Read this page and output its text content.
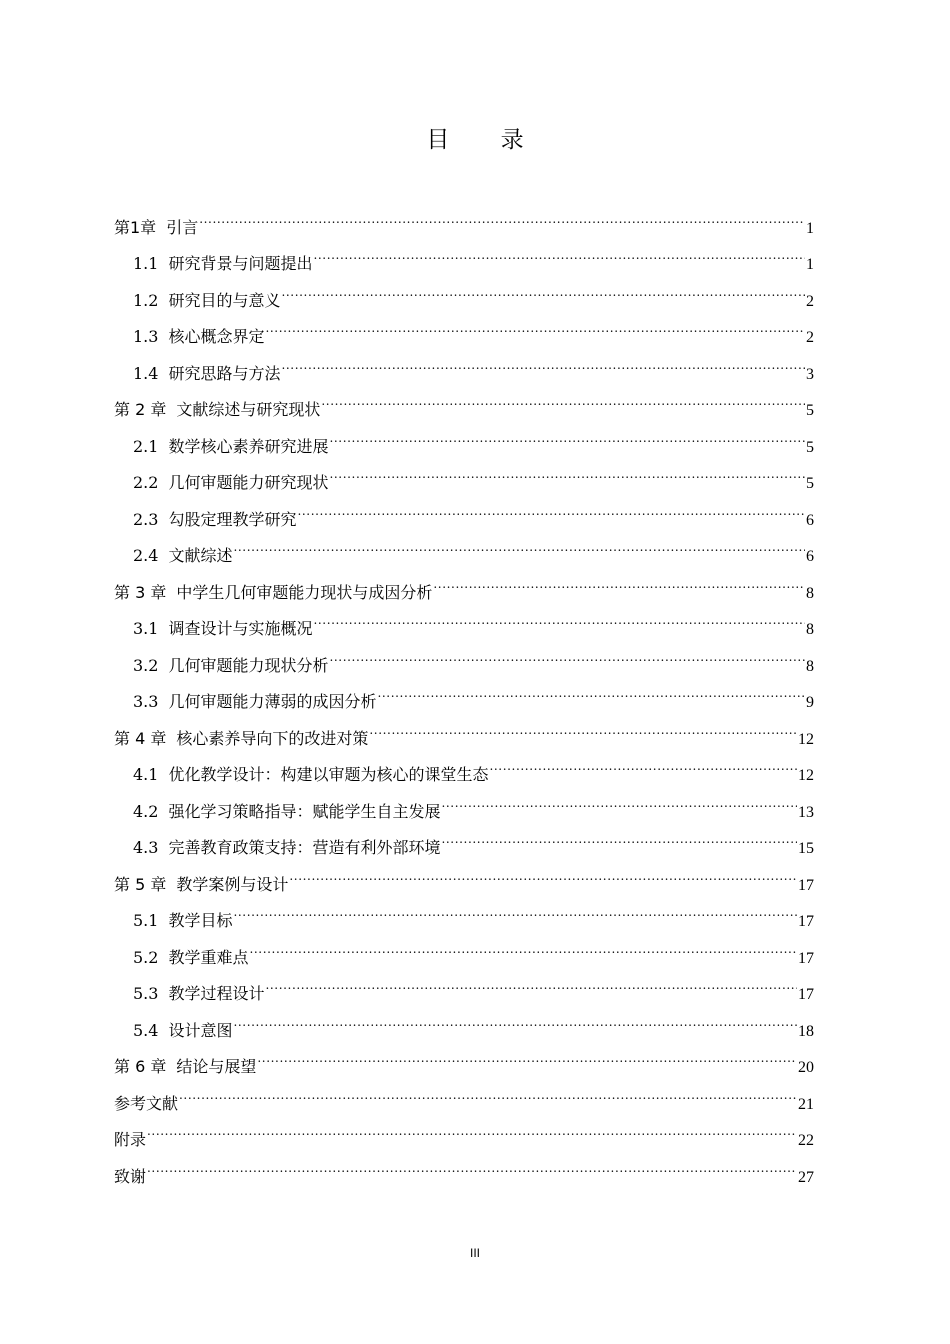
目 录
第1章 引言 .....	1
1.1 研究背景与问题提出 .....	1
1.2 研究目的与意义 .....	2
1.3 核心概念界定 .....	2
1.4 研究思路与方法 .....	3
第 2 章 文献综述与研究现状 .....	5
2.1 数学核心素养研究进展 .....	5
2.2 几何审题能力研究现状 .....	5
2.3 勾股定理教学研究 .....	6
2.4 文献综述 .....	6
第 3 章 中学生几何审题能力现状与成因分析 .....	8
3.1 调查设计与实施概况 .....	8
3.2 几何审题能力现状分析 .....	8
3.3 几何审题能力薄弱的成因分析 .....	9
第 4 章 核心素养导向下的改进对策 .....	12
4.1 优化教学设计：构建以审题为核心的课堂生态 .....	12
4.2 强化学习策略指导：赋能学生自主发展 .....	13
4.3 完善教育政策支持：营造有利外部环境 .....	15
第 5 章 教学案例与设计 .....	17
5.1 教学目标 .....	17
5.2 教学重难点 .....	17
5.3 教学过程设计 .....	17
5.4 设计意图 .....	18
第 6 章 结论与展望 .....	20
参考文献 .....	21
附录 .....	22
致谢 .....	27
III
